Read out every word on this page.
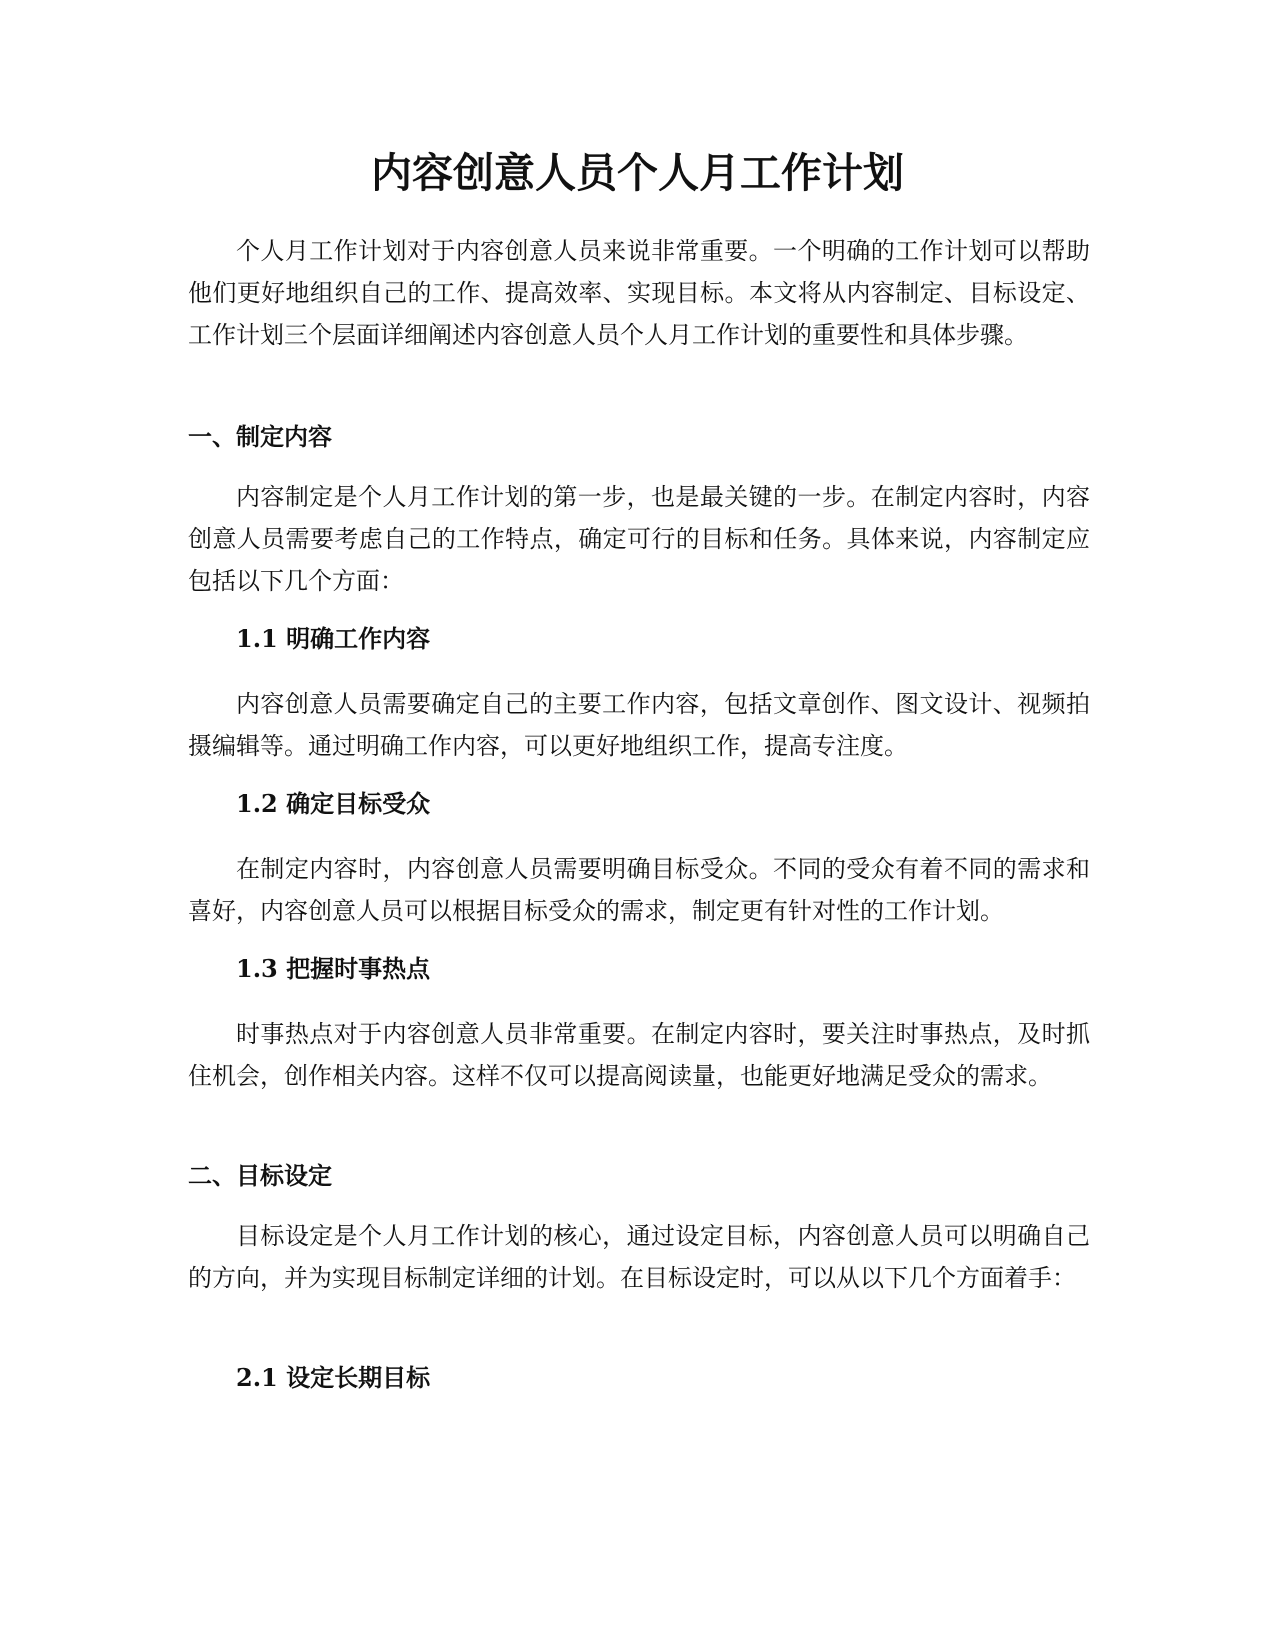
内容创意人员个人月工作计划

个人月工作计划对于内容创意人员来说非常重要。一个明确的工作计划可以帮助他们更好地组织自己的工作、提高效率、实现目标。本文将从内容制定、目标设定、工作计划三个层面详细阐述内容创意人员个人月工作计划的重要性和具体步骤。

一、制定内容

内容制定是个人月工作计划的第一步，也是最关键的一步。在制定内容时，内容创意人员需要考虑自己的工作特点，确定可行的目标和任务。具体来说，内容制定应包括以下几个方面：

1.1 明确工作内容

内容创意人员需要确定自己的主要工作内容，包括文章创作、图文设计、视频拍摄编辑等。通过明确工作内容，可以更好地组织工作，提高专注度。

1.2 确定目标受众

在制定内容时，内容创意人员需要明确目标受众。不同的受众有着不同的需求和喜好，内容创意人员可以根据目标受众的需求，制定更有针对性的工作计划。

1.3 把握时事热点

时事热点对于内容创意人员非常重要。在制定内容时，要关注时事热点，及时抓住机会，创作相关内容。这样不仅可以提高阅读量，也能更好地满足受众的需求。

二、目标设定

目标设定是个人月工作计划的核心，通过设定目标，内容创意人员可以明确自己的方向，并为实现目标制定详细的计划。在目标设定时，可以从以下几个方面着手：

2.1 设定长期目标
